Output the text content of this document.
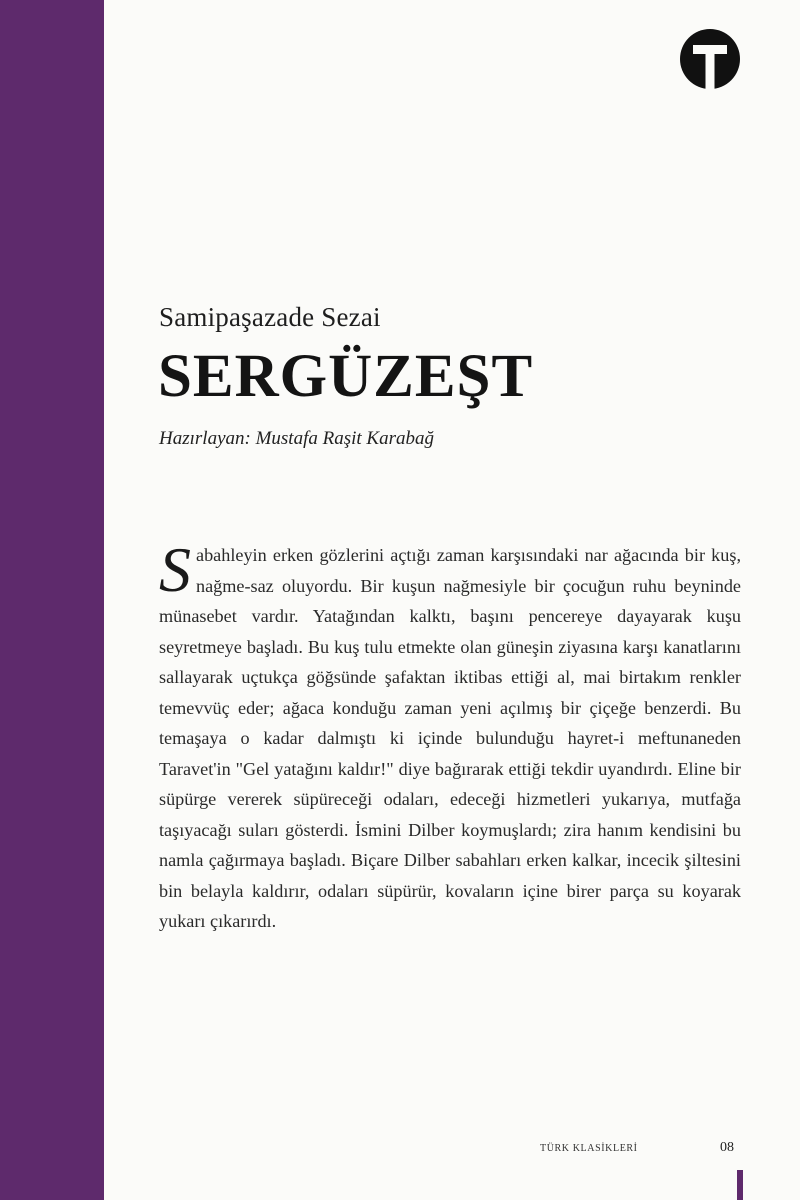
Samipaşazade Sezai
SERGÜZEŞT
Hazırlayan: Mustafa Raşit Karabağ
S abahleyin erken gözlerini açtığı zaman karşısındaki nar ağacında bir kuş, nağme-saz oluyordu. Bir kuşun nağmesiyle bir çocuğun ruhu beyninde münasebet vardır. Yatağından kalktı, başını pencereye dayayarak kuşu seyretmeye başladı. Bu kuş tulu etmekte olan güneşin ziyasına karşı kanatlarını sallayarak uçtukça göğsünde şafaktan iktibas ettiği al, mai birtakım renkler temevvüç eder; ağaca konduğu zaman yeni açılmış bir çiçeğe benzerdi. Bu temaşaya o kadar dalmıştı ki içinde bulunduğu hayret-i meftunaneden Taravet'in "Gel yatağını kaldır!" diye bağırarak ettiği tekdir uyandırdı. Eline bir süpürge vererek süpüreceği odaları, edeceği hizmetleri yukarıya, mutfağa taşıyacağı suları gösterdi. İsmini Dilber koymuşlardı; zira hanım kendisini bu namla çağırmaya başladı. Biçare Dilber sabahları erken kalkar, incecik şiltesini bin belayla kaldırır, odaları süpürür, kovaların içine birer parça su koyarak yukarı çıkarırdı.
TÜRK KLASİKLERİ	08
